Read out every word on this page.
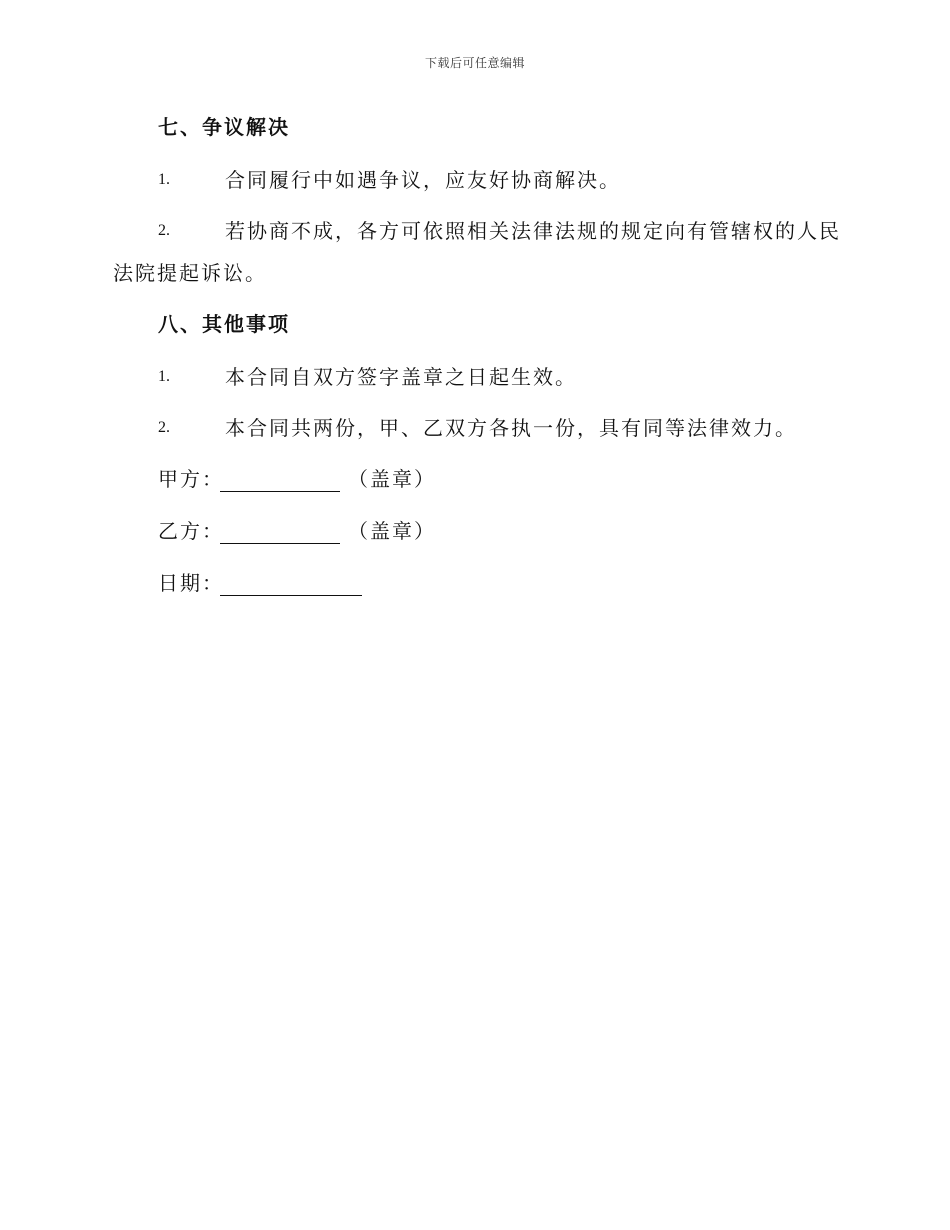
下载后可任意编辑
七、争议解决
1.	合同履行中如遇争议，应友好协商解决。
2.	若协商不成，各方可依照相关法律法规的规定向有管辖权的人民
法院提起诉讼。
八、其他事项
1.	本合同自双方签字盖章之日起生效。
2.	本合同共两份，甲、乙双方各执一份，具有同等法律效力。
甲方：	（盖章）
乙方：	（盖章）
日期：
